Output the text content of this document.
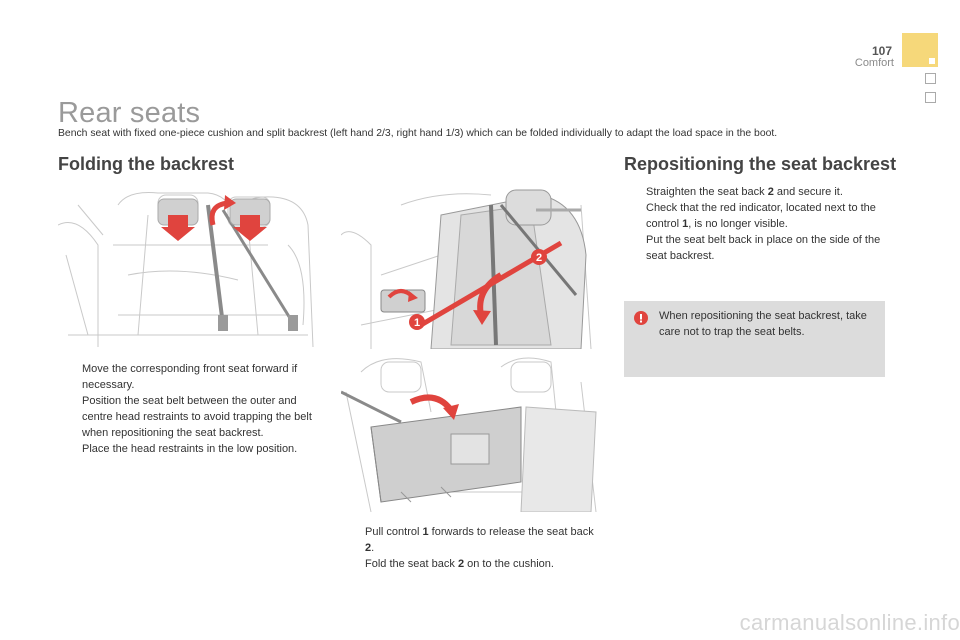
107
Comfort
Rear seats
Bench seat with fixed one-piece cushion and split backrest (left hand 2/3, right hand 1/3) which can be folded individually to adapt the load space in the boot.
Folding the backrest	Repositioning the seat backrest
2
1
Move the corresponding front seat forward if necessary.
Position the seat belt between the outer and centre head restraints to avoid trapping the belt when repositioning the seat backrest.
Place the head restraints in the low position.
Pull control 1 forwards to release the seat back 2.
Fold the seat back 2 on to the cushion.
Straighten the seat back 2 and secure it.
Check that the red indicator, located next to the control 1, is no longer visible.
Put the seat belt back in place on the side of the seat backrest.
When repositioning the seat backrest, take care not to trap the seat belts.
carmanualsonline.info
